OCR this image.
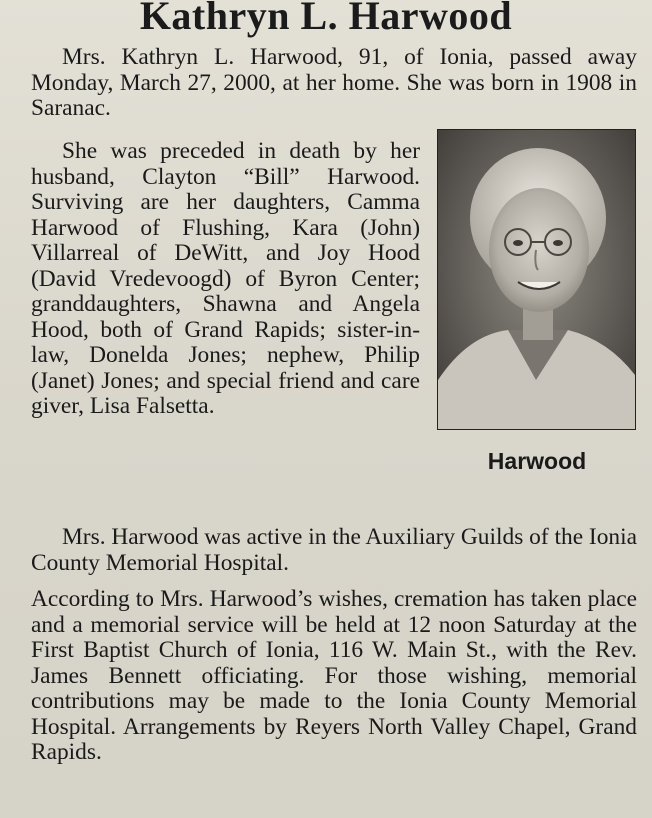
Kathryn L. Harwood

Mrs. Kathryn L. Harwood, 91, of Ionia, passed away Monday, March 27, 2000, at her home. She was born in 1908 in Saranac.

She was preceded in death by her husband, Clayton “Bill” Harwood. Surviving are her daughters, Camma Harwood of Flushing, Kara (John) Villarreal of DeWitt, and Joy Hood (David Vredevoogd) of Byron Center; granddaughters, Shawna and Angela Hood, both of Grand Rapids; sister-in-law, Donelda Jones; nephew, Philip (Janet) Jones; and special friend and care giver, Lisa Falsetta.

Harwood

Mrs. Harwood was active in the Auxiliary Guilds of the Ionia County Memorial Hospital.

According to Mrs. Harwood’s wishes, cremation has taken place and a memorial service will be held at 12 noon Saturday at the First Baptist Church of Ionia, 116 W. Main St., with the Rev. James Bennett officiating. For those wishing, memorial contributions may be made to the Ionia County Memorial Hospital. Arrangements by Reyers North Valley Chapel, Grand Rapids.
